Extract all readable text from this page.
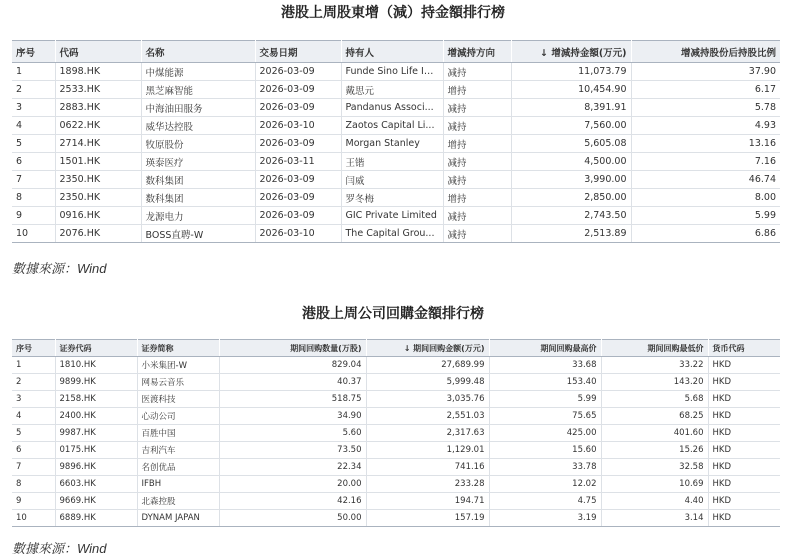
港股上周股東增（減）持金額排行榜
序号	代码	名称	交易日期	持有人	增減持方向	↓ 增減持金額(万元)	增减持股份后持股比例
1	1898.HK	中煤能源	2026-03-09	Funde Sino Life In...	减持	11,073.79	37.90
2	2533.HK	黑芝麻智能	2026-03-09	戴思元	增持	10,454.90	6.17
3	2883.HK	中海油田服务	2026-03-09	Pandanus Associ...	减持	8,391.91	5.78
4	0622.HK	威华达控股	2026-03-10	Zaotos Capital Li...	减持	7,560.00	4.93
5	2714.HK	牧原股份	2026-03-09	Morgan Stanley	增持	5,605.08	13.16
6	1501.HK	瑛泰医疗	2026-03-11	王锴	减持	4,500.00	7.16
7	2350.HK	数科集团	2026-03-09	闫威	减持	3,990.00	46.74
8	2350.HK	数科集团	2026-03-09	罗冬梅	增持	2,850.00	8.00
9	0916.HK	龙源电力	2026-03-09	GIC Private Limited	减持	2,743.50	5.99
10	2076.HK	BOSS直聘-W	2026-03-10	The Capital Grou...	减持	2,513.89	6.86
數據來源：Wind
港股上周公司回購金額排行榜
序号	证券代码	证券简称	期间回购数量(万股)	↓ 期间回购金额(万元)	期间回购最高价	期间回购最低价	货币代码
1	1810.HK	小米集团-W	829.04	27,689.99	33.68	33.22	HKD
2	9899.HK	网易云音乐	40.37	5,999.48	153.40	143.20	HKD
3	2158.HK	医渡科技	518.75	3,035.76	5.99	5.68	HKD
4	2400.HK	心动公司	34.90	2,551.03	75.65	68.25	HKD
5	9987.HK	百胜中国	5.60	2,317.63	425.00	401.60	HKD
6	0175.HK	吉利汽车	73.50	1,129.01	15.60	15.26	HKD
7	9896.HK	名创优品	22.34	741.16	33.78	32.58	HKD
8	6603.HK	IFBH	20.00	233.28	12.02	10.69	HKD
9	9669.HK	北森控股	42.16	194.71	4.75	4.40	HKD
10	6889.HK	DYNAM JAPAN	50.00	157.19	3.19	3.14	HKD
數據來源：Wind
